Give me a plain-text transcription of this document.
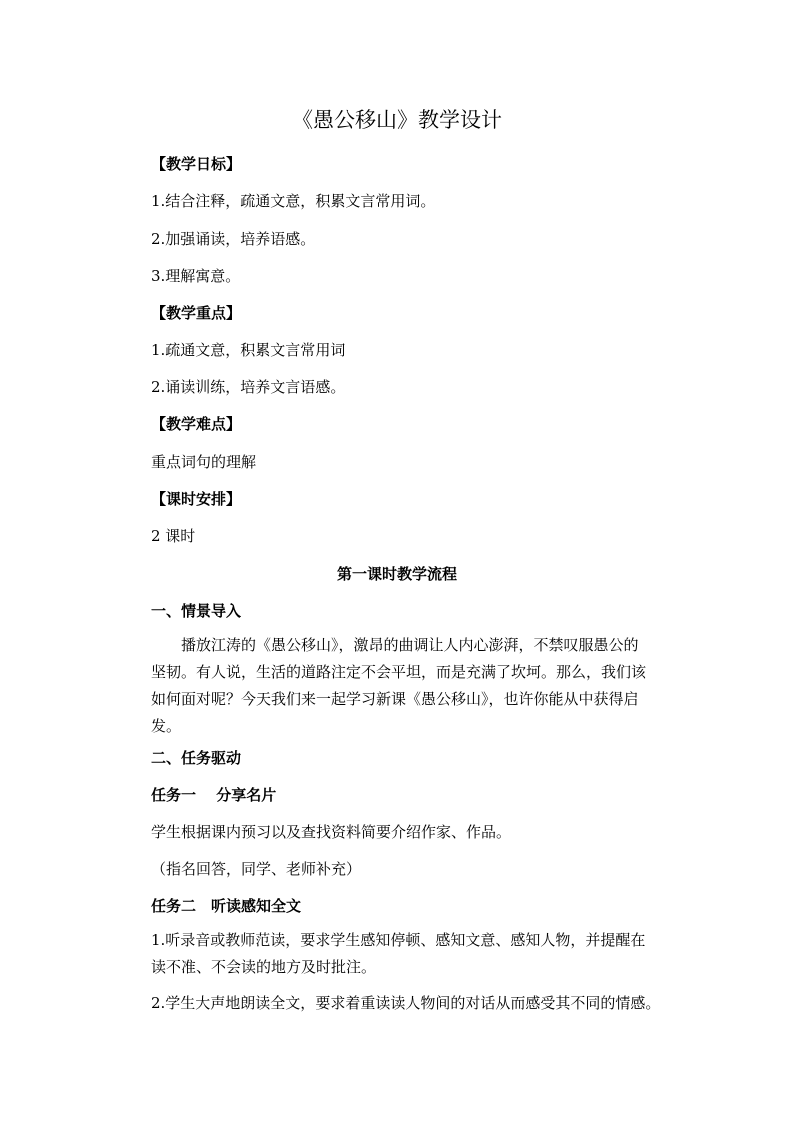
《愚公移山》教学设计
【教学日标】
1.结合注释，疏通文意，积累文言常用词。
2.加强诵读，培养语感。
3.理解寓意。
【教学重点】
1.疏通文意，积累文言常用词
2.诵读训练，培养文言语感。
【教学难点】
重点词句的理解
【课时安排】
2 课时
第一课时教学流程
一、情景导入

播放江涛的《愚公移山》，激昂的曲调让人内心澎湃，不禁叹服愚公的

坚韧。有人说，生活的道路注定不会平坦，而是充满了坎坷。那么，我们该

如何面对呢？今天我们来一起学习新课《愚公移山》，也许你能从中获得启

发。

二、任务驱动
任务一　 分享名片
学生根据课内预习以及查找资料简要介绍作家、作品。
（指名回答，同学、老师补充）
任务二　听读感知全文

1.听录音或教师范读，要求学生感知停顿、感知文意、感知人物，并提醒在

读不准、不会读的地方及时批注。

2.学生大声地朗读全文，要求着重读读人物间的对话从而感受其不同的情感。
